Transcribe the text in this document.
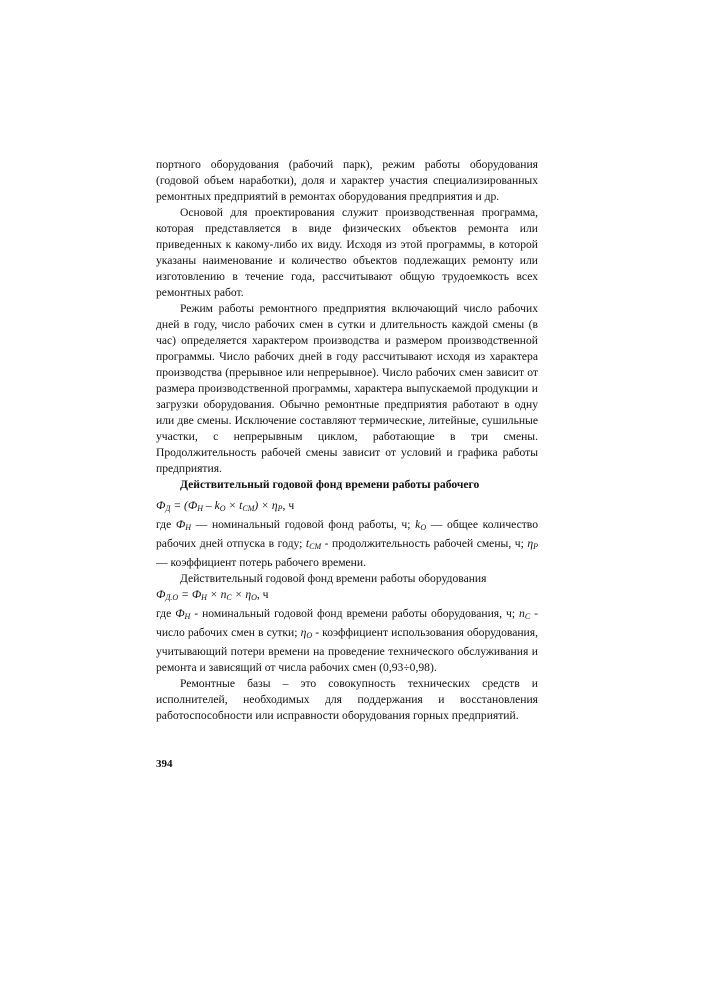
портного оборудования (рабочий парк), режим работы оборудования (годовой объем наработки), доля и характер участия специализированных ремонтных предприятий в ремонтах оборудования предприятия и др.

Основой для проектирования служит производственная программа, которая представляется в виде физических объектов ремонта или приведенных к какому-либо их виду. Исходя из этой программы, в которой указаны наименование и количество объектов подлежащих ремонту или изготовлению в течение года, рассчитывают общую трудоемкость всех ремонтных работ.

Режим работы ремонтного предприятия включающий число рабочих дней в году, число рабочих смен в сутки и длительность каждой смены (в час) определяется характером производства и размером производственной программы. Число рабочих дней в году рассчитывают исходя из характера производства (прерывное или непрерывное). Число рабочих смен зависит от размера производственной программы, характера выпускаемой продукции и загрузки оборудования. Обычно ремонтные предприятия работают в одну или две смены. Исключение составляют термические, литейные, сушильные участки, с непрерывным циклом, работающие в три смены. Продолжительность рабочей смены зависит от условий и графика работы предприятия.

Действительный годовой фонд времени работы рабочего

$Ф_Д = (Ф_Н - k_О \times t_{СМ}) \times \eta_Р$, ч

где $Ф_Н$ — номинальный годовой фонд работы, ч; $k_О$ — общее количество рабочих дней отпуска в году; $t_{СМ}$ - продолжительность рабочей смены, ч; $\eta_Р$ — коэффициент потерь рабочего времени.

Действительный годовой фонд времени работы оборудования

$Ф_{Д.О} = Ф_Н \times n_С \times \eta_О$, ч

где $Ф_Н$ - номинальный годовой фонд времени работы оборудования, ч; $n_С$ - число рабочих смен в сутки; $\eta_О$ - коэффициент использования оборудования, учитывающий потери времени на проведение технического обслуживания и ремонта и зависящий от числа рабочих смен (0,93÷0,98).

Ремонтные базы – это совокупность технических средств и исполнителей, необходимых для поддержания и восстановления работоспособности или исправности оборудования горных предприятий.

394
